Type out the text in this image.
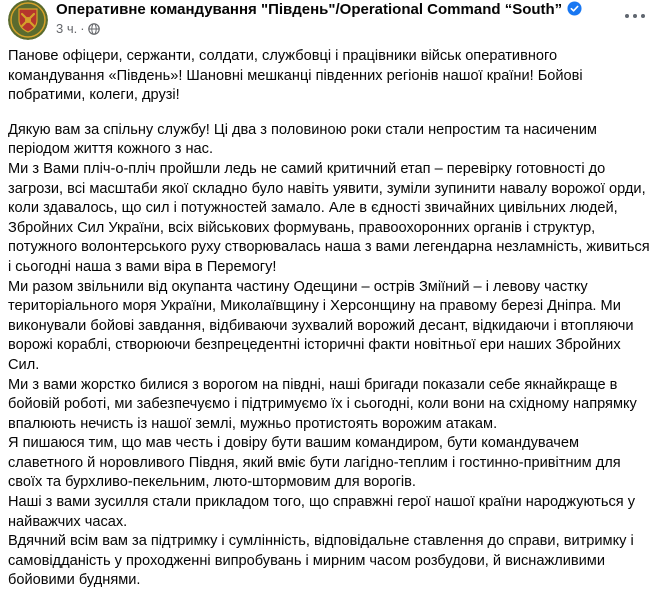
Оперативне командування "Південь"/Operational Command “South”
3 ч. ·

Панове офіцери, сержанти, солдати, службовці і працівники військ оперативного командування «Південь»! Шановні мешканці південних регіонів нашої країни! Бойові побратими, колеги, друзі!

Дякую вам за спільну службу! Ці два з половиною роки стали непростим та насиченим періодом життя кожного з нас.

Ми з Вами пліч-о-пліч пройшли ледь не самий критичний етап – перевірку готовності до загрози, всі масштаби якої складно було навіть уявити, зуміли зупинити навалу ворожої орди, коли здавалось, що сил і потужностей замало. Але в єдності звичайних цивільних людей, Збройних Сил України, всіх військових формувань, правоохоронних органів і структур, потужного волонтерського руху створювалась наша з вами легендарна незламність, живиться і сьогодні наша з вами віра в Перемогу!

Ми разом звільнили від окупанта частину Одещини – острів Зміїний – і левову частку територіального моря України, Миколаївщину і Херсонщину на правому березі Дніпра. Ми виконували бойові завдання, відбиваючи зухвалий ворожий десант, відкидаючи і втопляючи ворожі кораблі, створюючи безпрецедентні історичні факти новітньої ери наших Збройних Сил.

Ми з вами жорстко билися з ворогом на півдні, наші бригади показали себе якнайкраще в бойовій роботі, ми забезпечуємо і підтримуємо їх і сьогодні, коли вони на східному напрямку впалюють нечисть із нашої землі, мужньо протистоять ворожим атакам.

Я пишаюся тим, що мав честь і довіру бути вашим командиром, бути командувачем славетного й норовливого Півдня, який вміє бути лагідно-теплим і гостинно-привітним для своїх та бурхливо-пекельним, люто-штормовим для ворогів.

Наші з вами зусилля стали прикладом того, що справжні герої нашої країни народжуються у найважчих часах.

Вдячний всім вам за підтримку і сумлінність, відповідальне ставлення до справи, витримку і самовідданість у проходженні випробувань і мирним часом розбудови, й виснажливими бойовими буднями.
